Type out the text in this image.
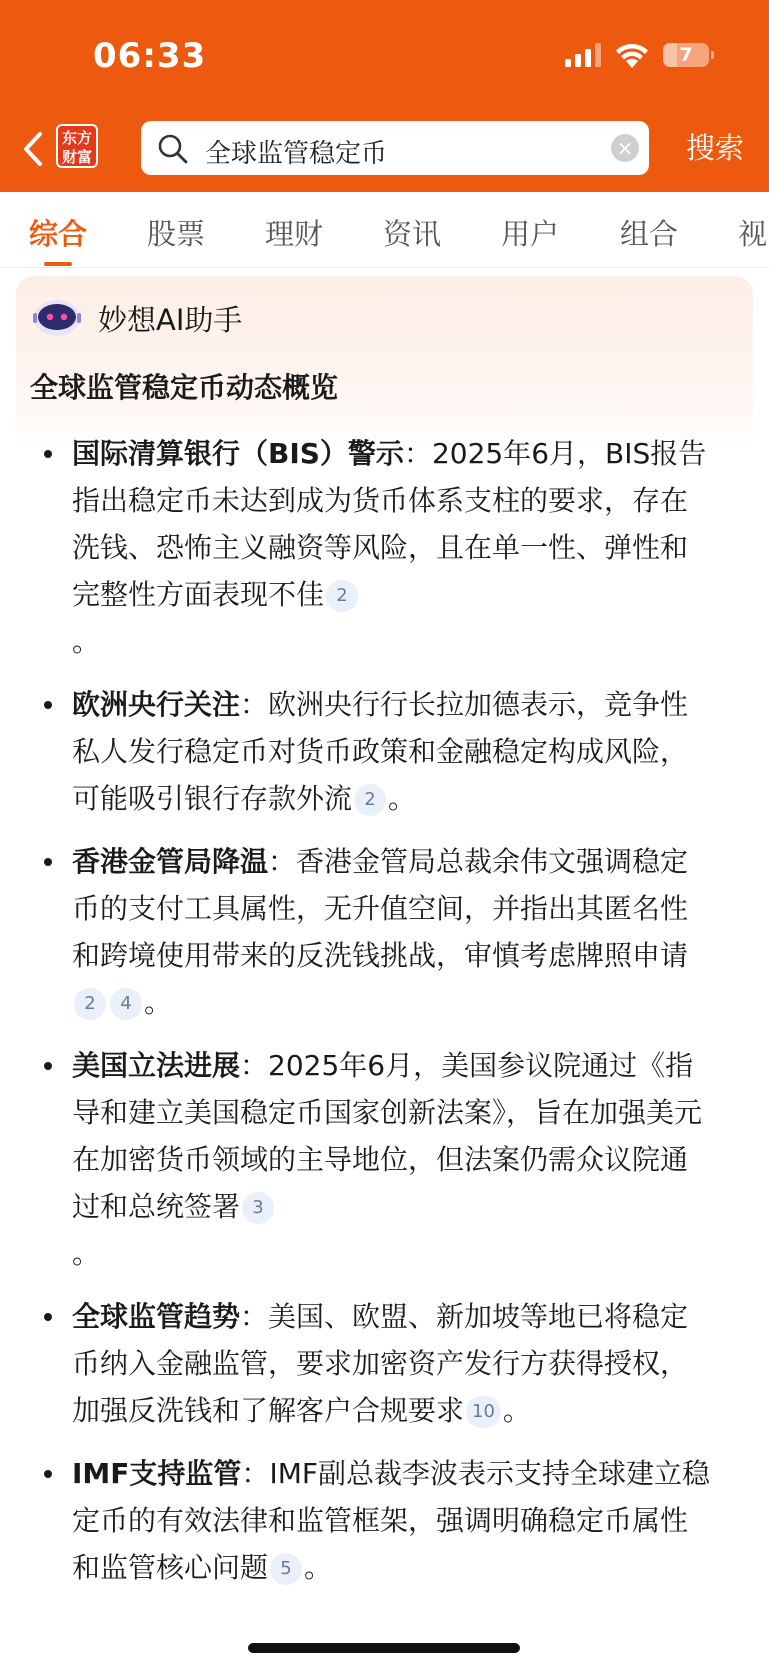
06:33	7
东方
财富	全球监管稳定币	× 搜索
综合 股票 理财 资讯 用户 组合 视
妙想AI助手
全球监管稳定币动态概览
国际清算银行（BIS）警示：2025年6月，BIS报告指出稳定币未达到成为货币体系支柱的要求，存在洗钱、恐怖主义融资等风险，且在单一性、弹性和完整性方面表现不佳 2
。
欧洲央行关注：欧洲央行行长拉加德表示，竞争性私人发行稳定币对货币政策和金融稳定构成风险，可能吸引银行存款外流 2 。
香港金管局降温：香港金管局总裁余伟文强调稳定币的支付工具属性，无升值空间，并指出其匿名性和跨境使用带来的反洗钱挑战，审慎考虑牌照申请2 4 。
美国立法进展：2025年6月，美国参议院通过《指导和建立美国稳定币国家创新法案》，旨在加强美元在加密货币领域的主导地位，但法案仍需众议院通过和总统签署 3
。
全球监管趋势：美国、欧盟、新加坡等地已将稳定币纳入金融监管，要求加密资产发行方获得授权，加强反洗钱和了解客户合规要求 10 。
IMF支持监管：IMF副总裁李波表示支持全球建立稳定币的有效法律和监管框架，强调明确稳定币属性和监管核心问题 5 。
